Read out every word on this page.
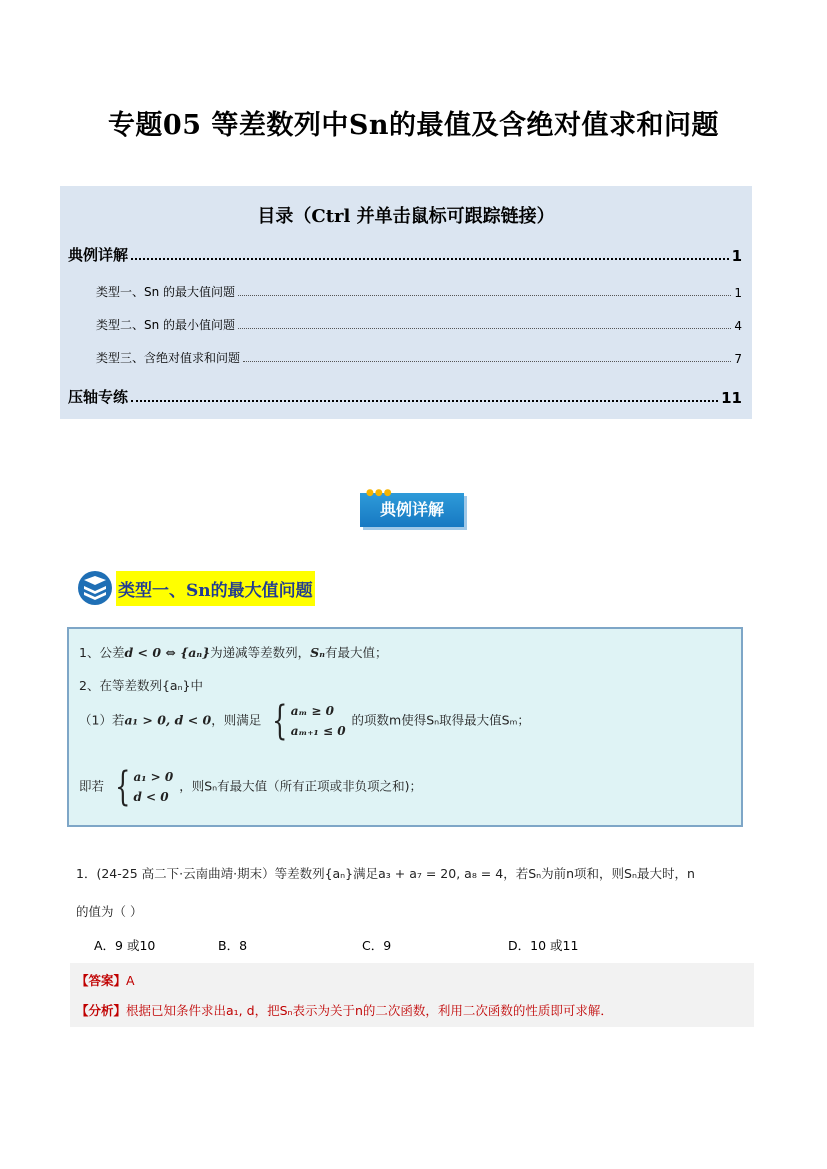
专题05 等差数列中Sn的最值及含绝对值求和问题
目录（Ctrl 并单击鼠标可跟踪链接）
典例详解	1
类型一、Sn 的最大值问题	1
类型二、Sn 的最小值问题	4
类型三、含绝对值求和问题	7
压轴专练	11
●●●
典例详解
类型一、Sn的最大值问题
1、公差d < 0 ⇔ {aₙ}为递减等差数列，Sₙ有最大值；
2、在等差数列{aₙ}中
（1）若a₁ > 0, d < 0，则满足 { aₘ ≥ 0
aₘ₊₁ ≤ 0
的项数m使得Sₙ取得最大值Sₘ；
即若 { a₁ > 0
d < 0
，则Sₙ有最大值（所有正项或非负项之和)；
1．(24-25 高二下·云南曲靖·期末）等差数列{aₙ}满足a₃ + a₇ = 20, a₈ = 4，若Sₙ为前n项和，则Sₙ最大时，n
的值为（ ）
A．9 或10	B．8	C．9	D．10 或11
【答案】A
【分析】根据已知条件求出a₁, d，把Sₙ表示为关于n的二次函数，利用二次函数的性质即可求解．
